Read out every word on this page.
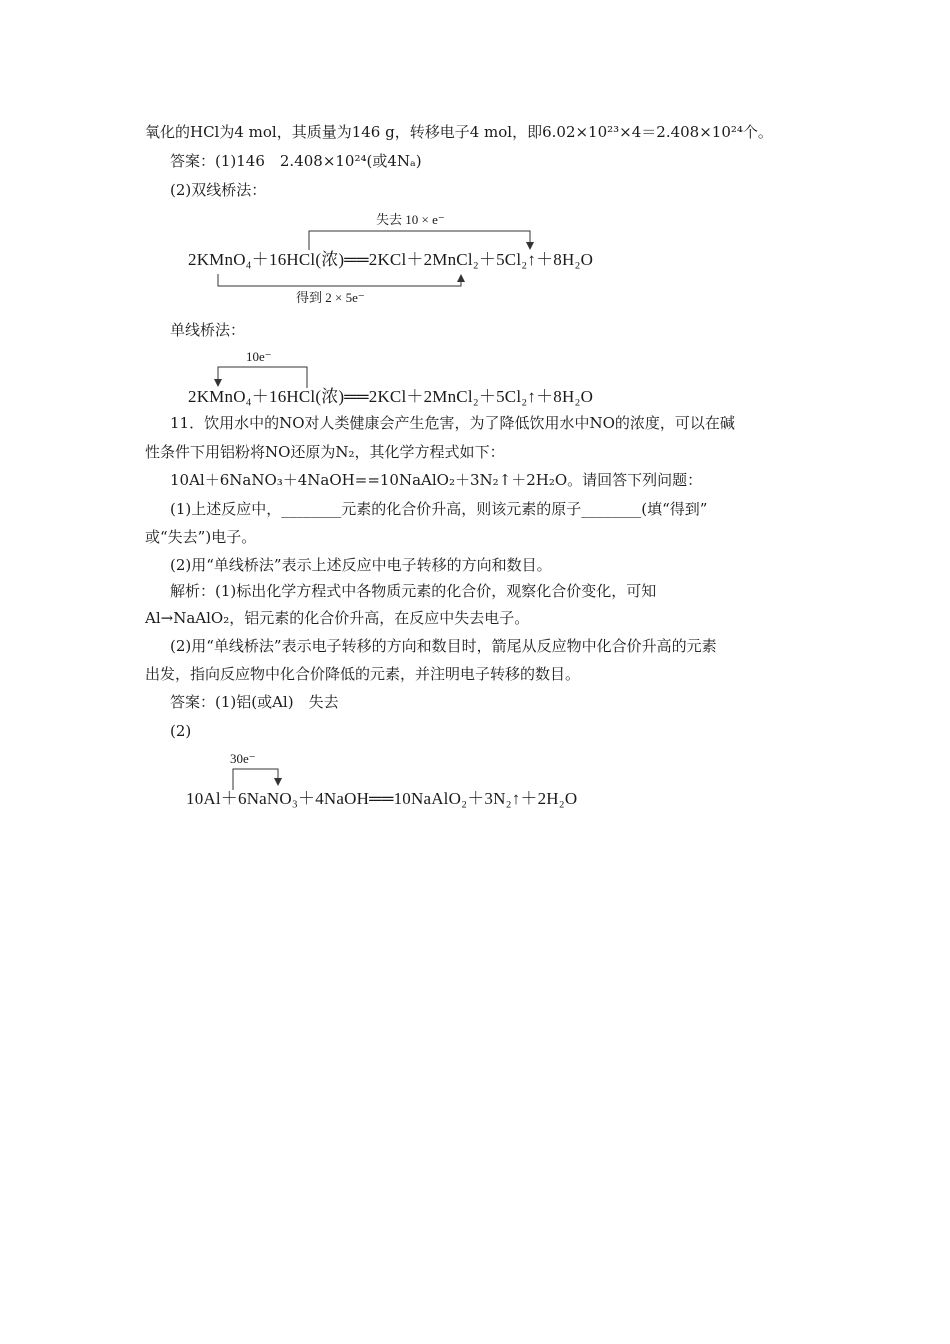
氧化的HCl为4 mol，其质量为146 g，转移电子4 mol，即6.02×10²³×4＝2.408×10²⁴个。
答案：(1)146　2.408×10²⁴(或4Nₐ)
(2)双线桥法：
失去 10 × e⁻
2KMnO₄＋16HCl(浓)══2KCl＋2MnCl₂＋5Cl₂↑＋8H₂O
得到 2 × 5e⁻
单线桥法：
10e⁻
2KMnO₄＋16HCl(浓)══2KCl＋2MnCl₂＋5Cl₂↑＋8H₂O
11．饮用水中的NO对人类健康会产生危害，为了降低饮用水中NO的浓度，可以在碱
性条件下用铝粉将NO还原为N₂，其化学方程式如下：
10Al＋6NaNO₃＋4NaOH==10NaAlO₂＋3N₂↑＋2H₂O。请回答下列问题：
(1)上述反应中，________元素的化合价升高，则该元素的原子________(填“得到”
或“失去”)电子。
(2)用“单线桥法”表示上述反应中电子转移的方向和数目。
解析：(1)标出化学方程式中各物质元素的化合价，观察化合价变化，可知
Al→NaAlO₂，铝元素的化合价升高，在反应中失去电子。
(2)用“单线桥法”表示电子转移的方向和数目时，箭尾从反应物中化合价升高的元素
出发，指向反应物中化合价降低的元素，并注明电子转移的数目。
答案：(1)铝(或Al)　失去
(2)
30e⁻
10Al＋6NaNO₃＋4NaOH══10NaAlO₂＋3N₂↑＋2H₂O
